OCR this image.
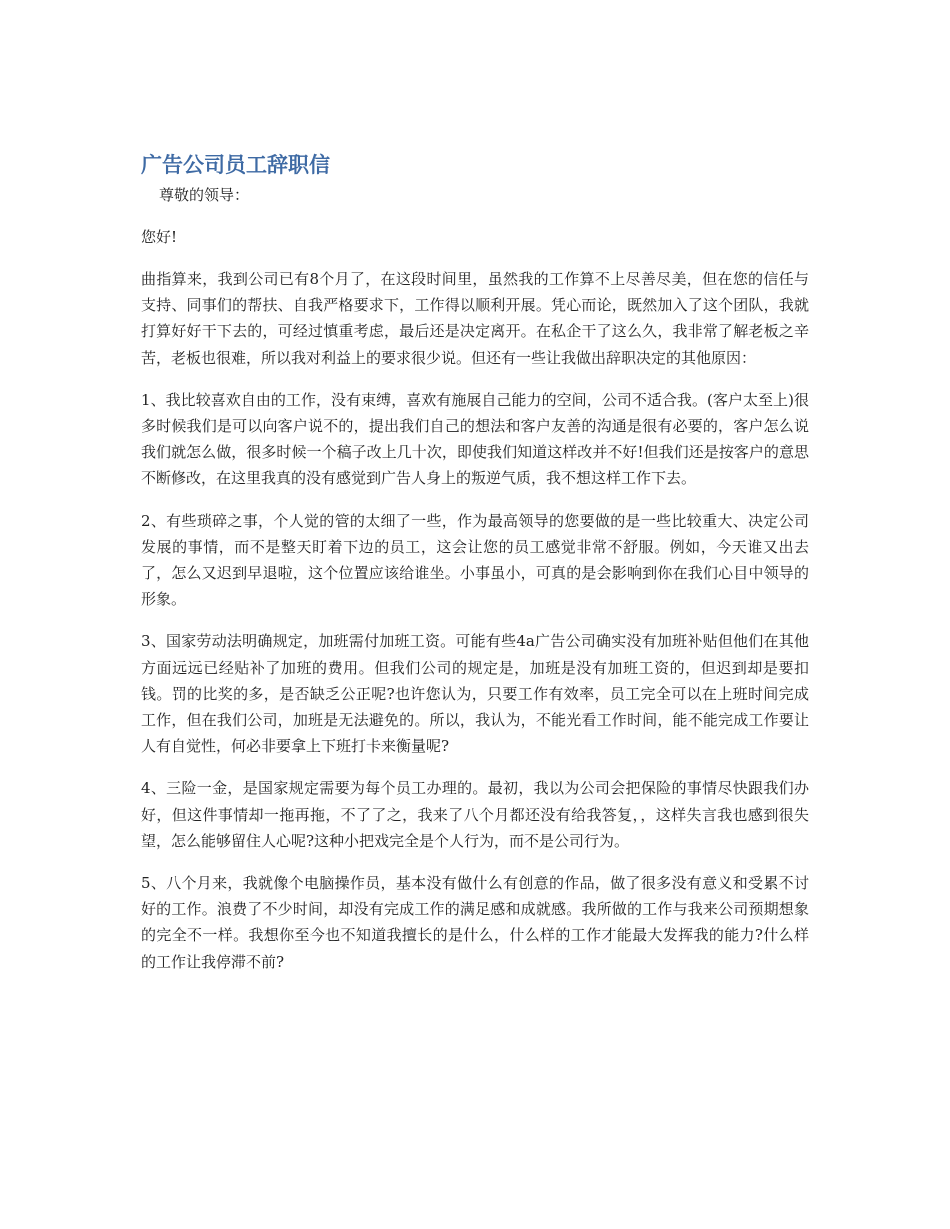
广告公司员工辞职信

尊敬的领导：

您好!

曲指算来，我到公司已有8个月了，在这段时间里，虽然我的工作算不上尽善尽美，但在您的信任与支持、同事们的帮扶、自我严格要求下，工作得以顺利开展。凭心而论，既然加入了这个团队，我就打算好好干下去的，可经过慎重考虑，最后还是决定离开。在私企干了这么久，我非常了解老板之辛苦，老板也很难，所以我对利益上的要求很少说。但还有一些让我做出辞职决定的其他原因：

1、我比较喜欢自由的工作，没有束缚，喜欢有施展自己能力的空间，公司不适合我。(客户太至上)很多时候我们是可以向客户说不的，提出我们自己的想法和客户友善的沟通是很有必要的，客户怎么说我们就怎么做，很多时候一个稿子改上几十次，即使我们知道这样改并不好!但我们还是按客户的意思不断修改，在这里我真的没有感觉到广告人身上的叛逆气质，我不想这样工作下去。

2、有些琐碎之事，个人觉的管的太细了一些，作为最高领导的您要做的是一些比较重大、决定公司发展的事情，而不是整天盯着下边的员工，这会让您的员工感觉非常不舒服。例如，今天谁又出去了，怎么又迟到早退啦，这个位置应该给谁坐。小事虽小，可真的是会影响到你在我们心目中领导的形象。

3、国家劳动法明确规定，加班需付加班工资。可能有些4a广告公司确实没有加班补贴但他们在其他方面远远已经贴补了加班的费用。但我们公司的规定是，加班是没有加班工资的，但迟到却是要扣钱。罚的比奖的多，是否缺乏公正呢?也许您认为，只要工作有效率，员工完全可以在上班时间完成工作，但在我们公司，加班是无法避免的。所以，我认为，不能光看工作时间，能不能完成工作要让人有自觉性，何必非要拿上下班打卡来衡量呢?

4、三险一金，是国家规定需要为每个员工办理的。最初，我以为公司会把保险的事情尽快跟我们办好，但这件事情却一拖再拖，不了了之，我来了八个月都还没有给我答复，，这样失言我也感到很失望，怎么能够留住人心呢?这种小把戏完全是个人行为，而不是公司行为。

5、八个月来，我就像个电脑操作员，基本没有做什么有创意的作品，做了很多没有意义和受累不讨好的工作。浪费了不少时间，却没有完成工作的满足感和成就感。我所做的工作与我来公司预期想象的完全不一样。我想你至今也不知道我擅长的是什么，什么样的工作才能最大发挥我的能力?什么样的工作让我停滞不前?
